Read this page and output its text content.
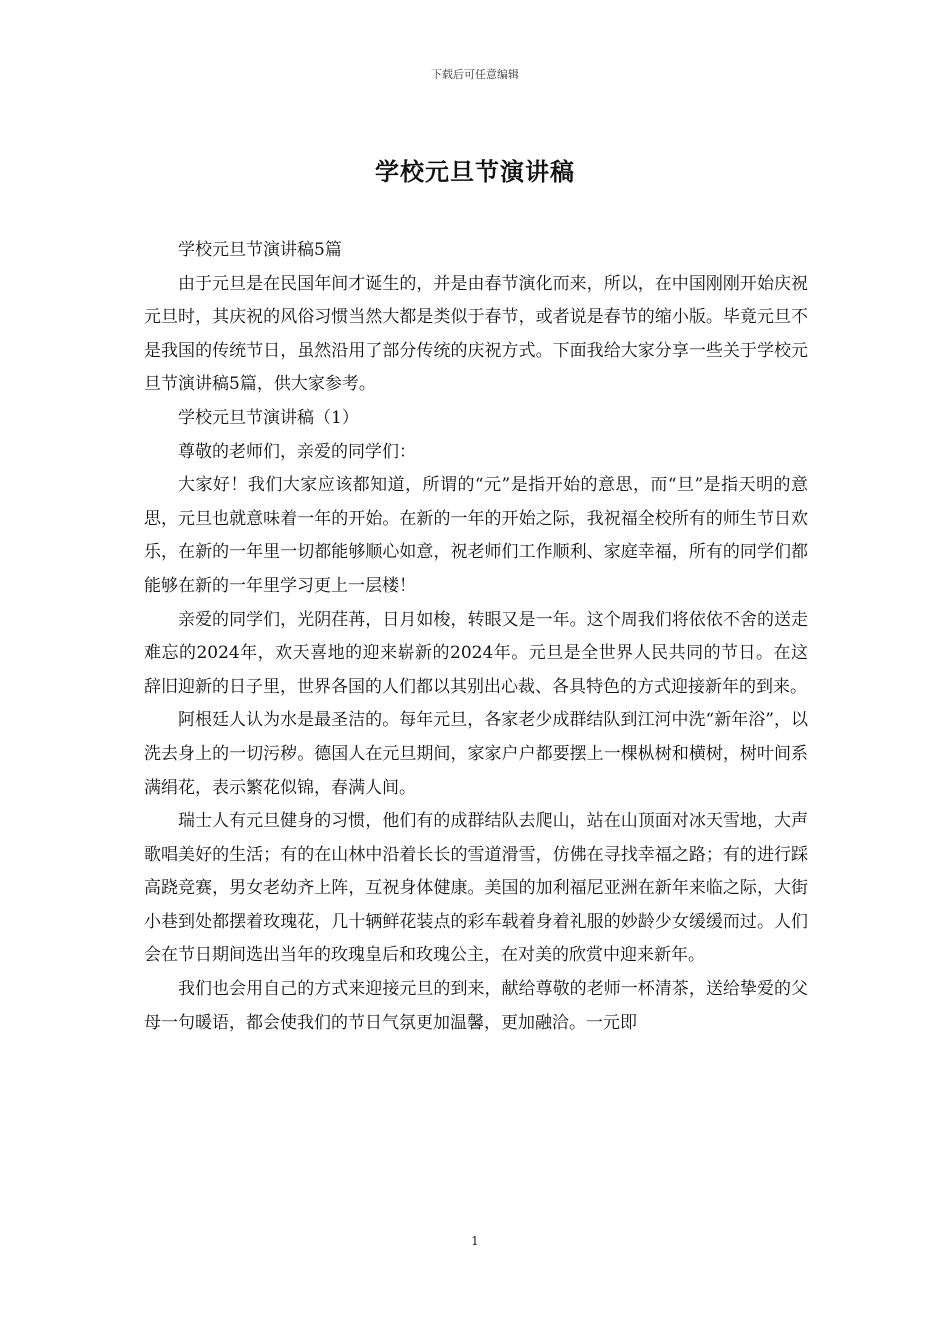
下载后可任意编辑
学校元旦节演讲稿

学校元旦节演讲稿5篇

由于元旦是在民国年间才诞生的，并是由春节演化而来，所以，在中国刚刚开始庆祝元旦时，其庆祝的风俗习惯当然大都是类似于春节，或者说是春节的缩小版。毕竟元旦不是我国的传统节日，虽然沿用了部分传统的庆祝方式。下面我给大家分享一些关于学校元旦节演讲稿5篇，供大家参考。

学校元旦节演讲稿（1）

尊敬的老师们，亲爱的同学们：

大家好！我们大家应该都知道，所谓的“元”是指开始的意思，而“旦”是指天明的意思，元旦也就意味着一年的开始。在新的一年的开始之际，我祝福全校所有的师生节日欢乐，在新的一年里一切都能够顺心如意，祝老师们工作顺利、家庭幸福，所有的同学们都能够在新的一年里学习更上一层楼！

亲爱的同学们，光阴荏苒，日月如梭，转眼又是一年。这个周我们将依依不舍的送走难忘的2024年，欢天喜地的迎来崭新的2024年。元旦是全世界人民共同的节日。在这辞旧迎新的日子里，世界各国的人们都以其别出心裁、各具特色的方式迎接新年的到来。

阿根廷人认为水是最圣洁的。每年元旦，各家老少成群结队到江河中洗“新年浴”，以洗去身上的一切污秽。德国人在元旦期间，家家户户都要摆上一棵枞树和横树，树叶间系满绢花，表示繁花似锦，春满人间。

瑞士人有元旦健身的习惯，他们有的成群结队去爬山，站在山顶面对冰天雪地，大声歌唱美好的生活；有的在山林中沿着长长的雪道滑雪，仿佛在寻找幸福之路；有的进行踩高跷竞赛，男女老幼齐上阵，互祝身体健康。美国的加利福尼亚洲在新年来临之际，大街小巷到处都摆着玫瑰花，几十辆鲜花装点的彩车载着身着礼服的妙龄少女缓缓而过。人们会在节日期间选出当年的玫瑰皇后和玫瑰公主，在对美的欣赏中迎来新年。

我们也会用自己的方式来迎接元旦的到来，献给尊敬的老师一杯清茶，送给挚爱的父母一句暖语，都会使我们的节日气氛更加温馨，更加融洽。一元即

1
